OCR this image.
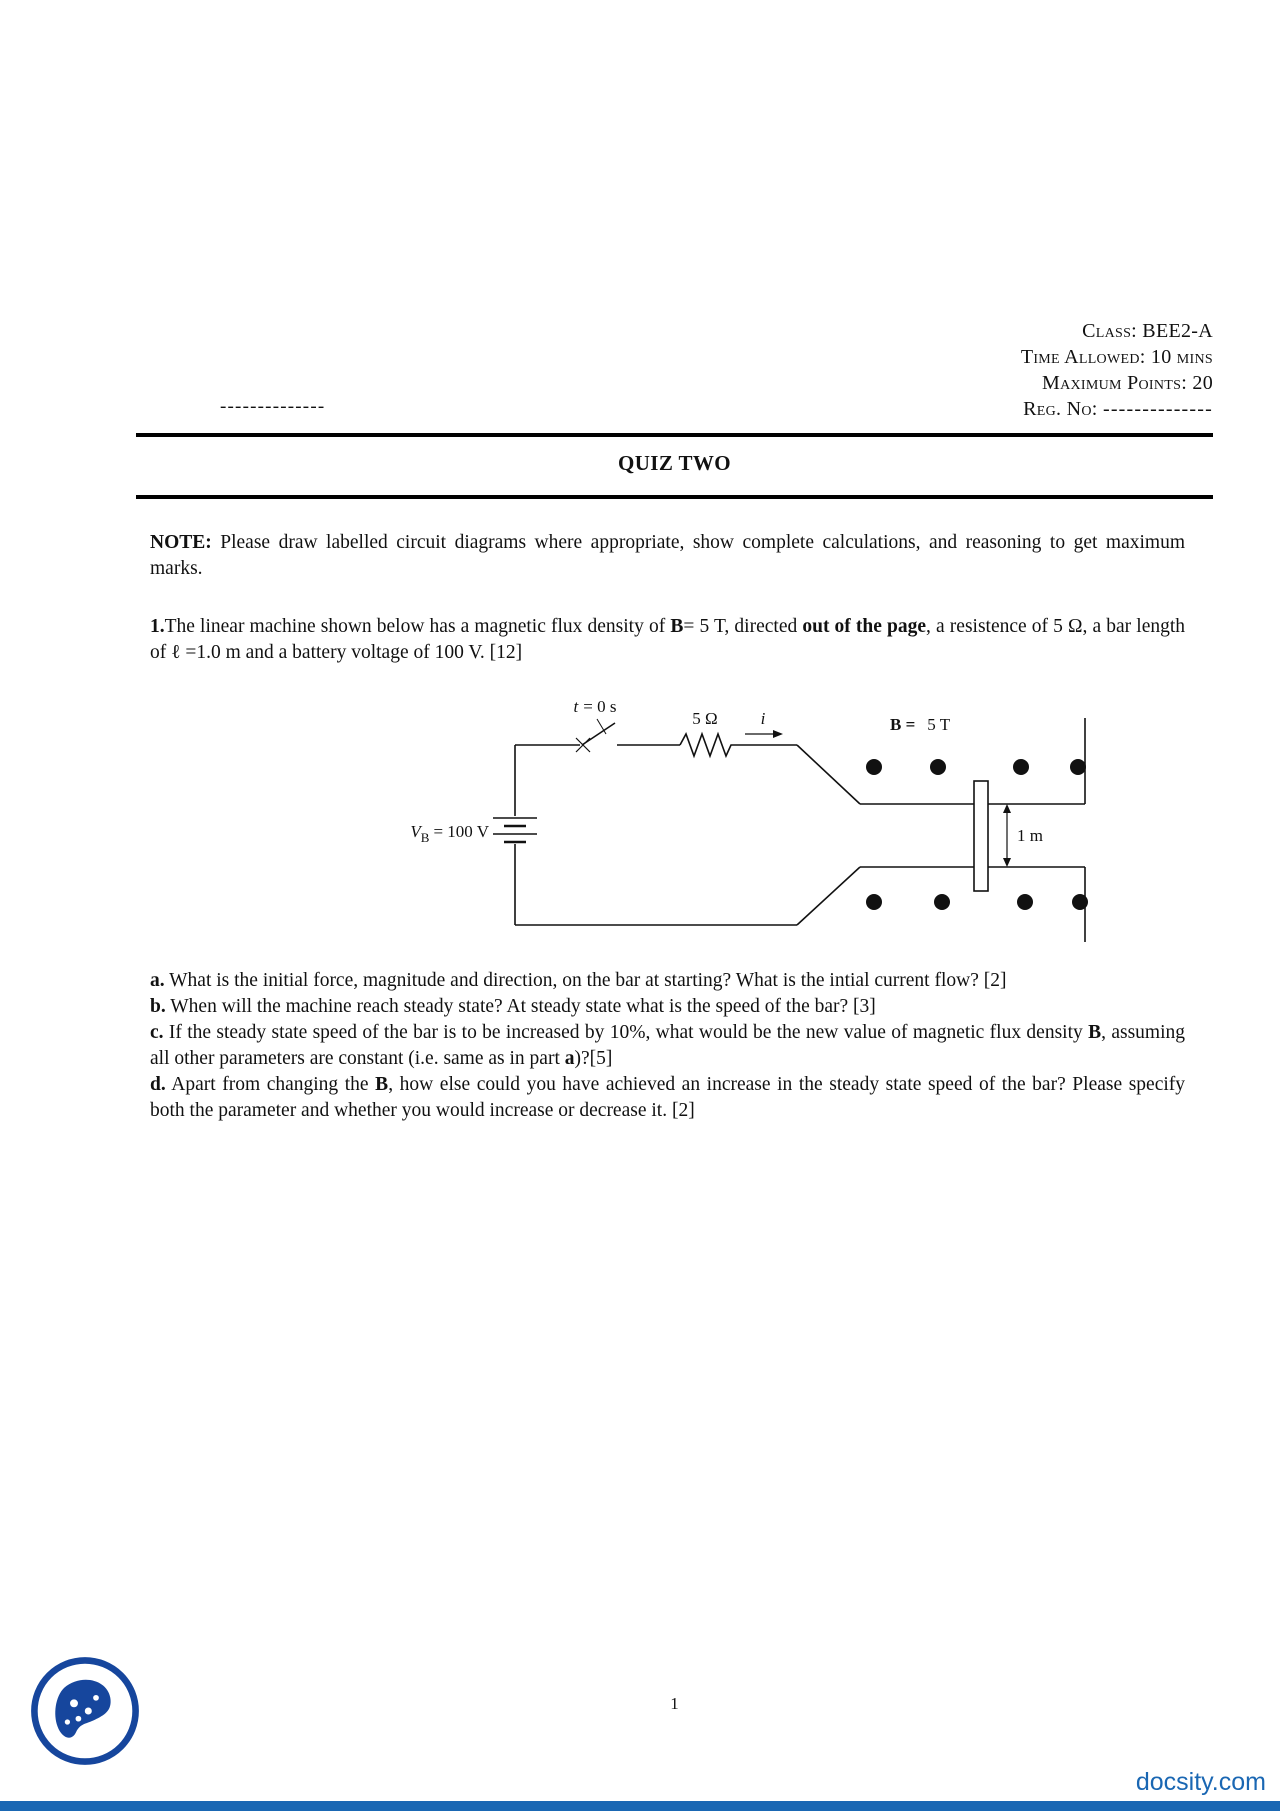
--------------
Class: BEE2-A
Time Allowed: 10 mins
Maximum Points: 20
Reg. No: --------------
QUIZ TWO

NOTE: Please draw labelled circuit diagrams where appropriate, show complete calculations, and reasoning to get maximum marks.

1.The linear machine shown below has a magnetic flux density of B= 5 T, directed out of the page, a resistence of 5 Ω, a bar length of ℓ =1.0 m and a battery voltage of 100 V. [12]

t = 0 s
5 Ω	i	B = 5 T
$V_B = 100$ V	1 m

a. What is the initial force, magnitude and direction, on the bar at starting? What is the intial current flow? [2]

b. When will the machine reach steady state? At steady state what is the speed of the bar? [3]

c. If the steady state speed of the bar is to be increased by 10%, what would be the new value of magnetic flux density B, assuming all other parameters are constant (i.e. same as in part a)?[5]

d. Apart from changing the B, how else could you have achieved an increase in the steady state speed of the bar? Please specify both the parameter and whether you would increase or decrease it. [2]

1
docsity.com
